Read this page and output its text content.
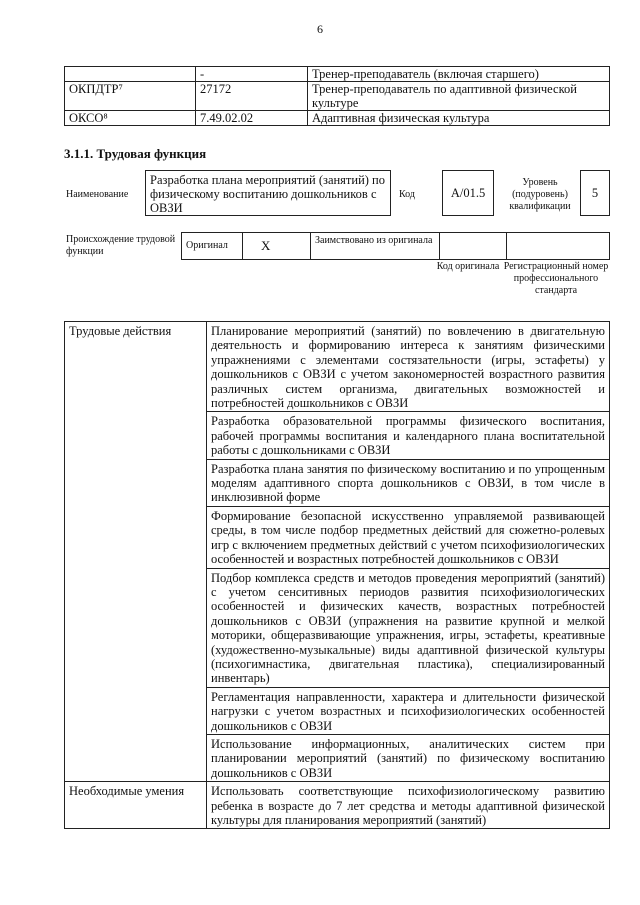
6
	-	Тренер-преподаватель (включая старшего)
ОКПДТР⁷	27172	Тренер-преподаватель по адаптивной физической культуре
ОКСО⁸	7.49.02.02	Адаптивная физическая культура
3.1.1. Трудовая функция
Наименование
Разработка плана мероприятий (занятий) по физическому воспитанию дошкольников с ОВЗИ
Код	A/01.5
Уровень (подуровень) квалификации
5
Происхождение трудовой функции
Оригинал	X	Заимствовано из оригинала		
Код оригинала Регистрационный номер профессионального стандарта
Трудовые действия	Планирование мероприятий (занятий) по вовлечению в двигательную деятельность и формированию интереса к занятиям физическими упражнениями с элементами состязательности (игры, эстафеты) у дошкольников с ОВЗИ с учетом закономерностей возрастного развития различных систем организма, двигательных возможностей и потребностей дошкольников с ОВЗИ
	Разработка образовательной программы физического воспитания, рабочей программы воспитания и календарного плана воспитательной работы с дошкольниками с ОВЗИ
	Разработка плана занятия по физическому воспитанию и по упрощенным моделям адаптивного спорта дошкольников с ОВЗИ, в том числе в инклюзивной форме
	Формирование безопасной искусственно управляемой развивающей среды, в том числе подбор предметных действий для сюжетно-ролевых игр с включением предметных действий с учетом психофизиологических особенностей и возрастных потребностей дошкольников с ОВЗИ
	Подбор комплекса средств и методов проведения мероприятий (занятий) с учетом сенситивных периодов развития психофизиологических особенностей и физических качеств, возрастных потребностей дошкольников с ОВЗИ (упражнения на развитие крупной и мелкой моторики, общеразвивающие упражнения, игры, эстафеты, креативные (художественно-музыкальные) виды адаптивной физической культуры (психогимнастика, двигательная пластика), специализированный инвентарь)
	Регламентация направленности, характера и длительности физической нагрузки с учетом возрастных и психофизиологических особенностей дошкольников с ОВЗИ
	Использование информационных, аналитических систем при планировании мероприятий (занятий) по физическому воспитанию дошкольников с ОВЗИ
Необходимые умения	Использовать соответствующие психофизиологическому развитию ребенка в возрасте до 7 лет средства и методы адаптивной физической культуры для планирования мероприятий (занятий)
